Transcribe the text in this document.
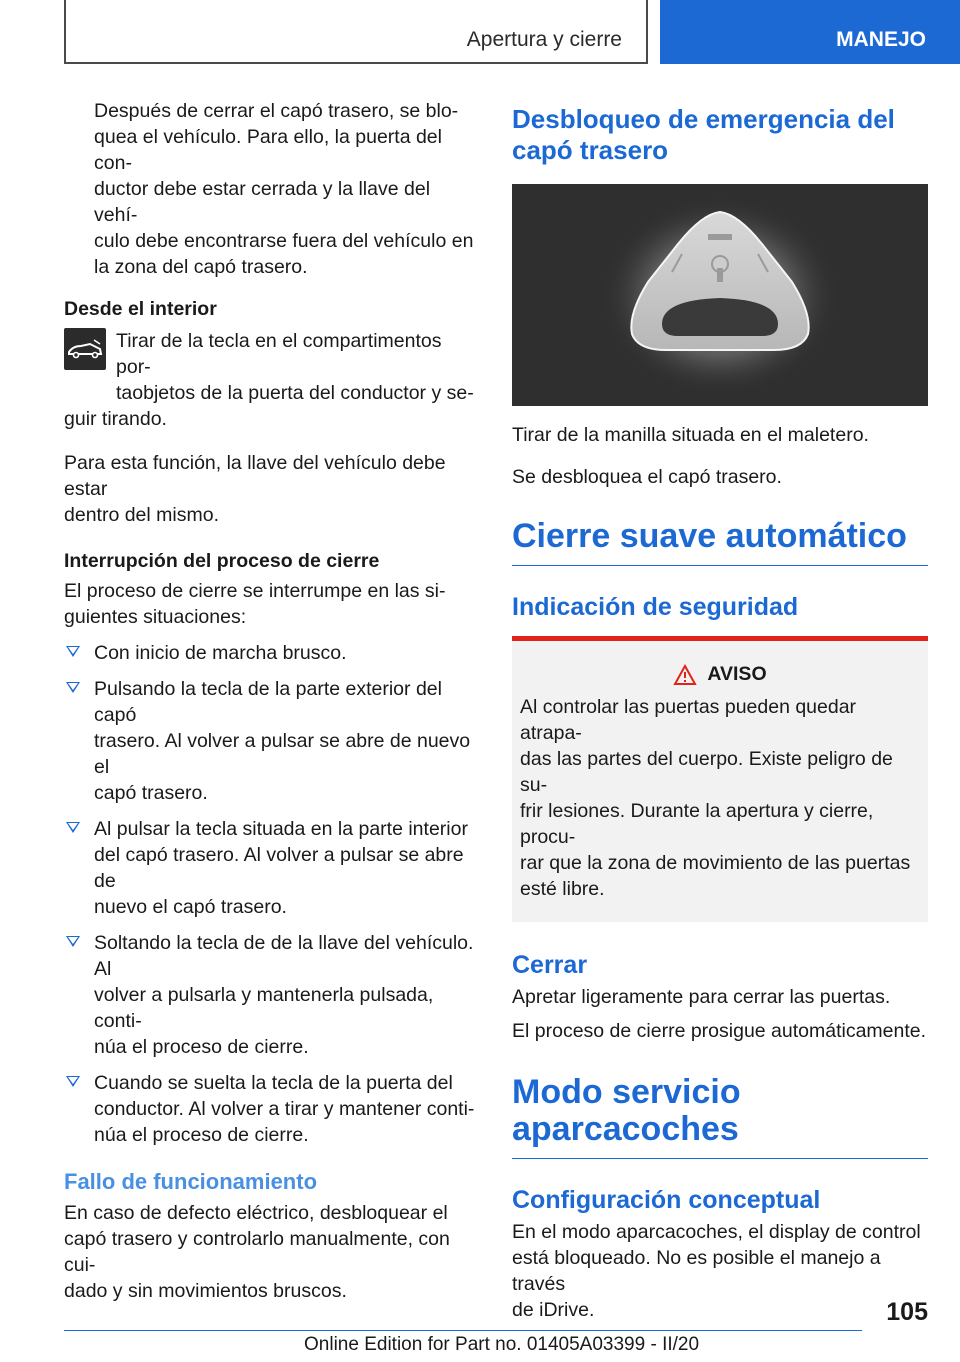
Apertura y cierre	MANEJO

Después de cerrar el capó trasero, se blo-
quea el vehículo. Para ello, la puerta del con-
ductor debe estar cerrada y la llave del vehí-
culo debe encontrarse fuera del vehículo en
la zona del capó trasero.

Desde el interior

Tirar de la tecla en el compartimentos por-

taobjetos de la puerta del conductor y se-

guir tirando.

Para esta función, la llave del vehículo debe estar
dentro del mismo.

Interrupción del proceso de cierre

El proceso de cierre se interrumpe en las si-
guientes situaciones:

Con inicio de marcha brusco.
Pulsando la tecla de la parte exterior del capó
trasero. Al volver a pulsar se abre de nuevo el
capó trasero.
Al pulsar la tecla situada en la parte interior
del capó trasero. Al volver a pulsar se abre de
nuevo el capó trasero.
Soltando la tecla de de la llave del vehículo. Al
volver a pulsarla y mantenerla pulsada, conti-
núa el proceso de cierre.
Cuando se suelta la tecla de la puerta del
conductor. Al volver a tirar y mantener conti-
núa el proceso de cierre.
Fallo de funcionamiento

En caso de defecto eléctrico, desbloquear el
capó trasero y controlarlo manualmente, con cui-
dado y sin movimientos bruscos.

Desbloqueo de emergencia del
capó trasero

Tirar de la manilla situada en el maletero.

Se desbloquea el capó trasero.

Cierre suave automático
Indicación de seguridad
AVISO

Al controlar las puertas pueden quedar atrapa-
das las partes del cuerpo. Existe peligro de su-
frir lesiones. Durante la apertura y cierre, procu-
rar que la zona de movimiento de las puertas
esté libre.

Cerrar

Apretar ligeramente para cerrar las puertas.

El proceso de cierre prosigue automáticamente.

Modo servicio
aparcacoches
Configuración conceptual

En el modo aparcacoches, el display de control
está bloqueado. No es posible el manejo a través
de iDrive.	105
Online Edition for Part no. 01405A03399 - II/20
